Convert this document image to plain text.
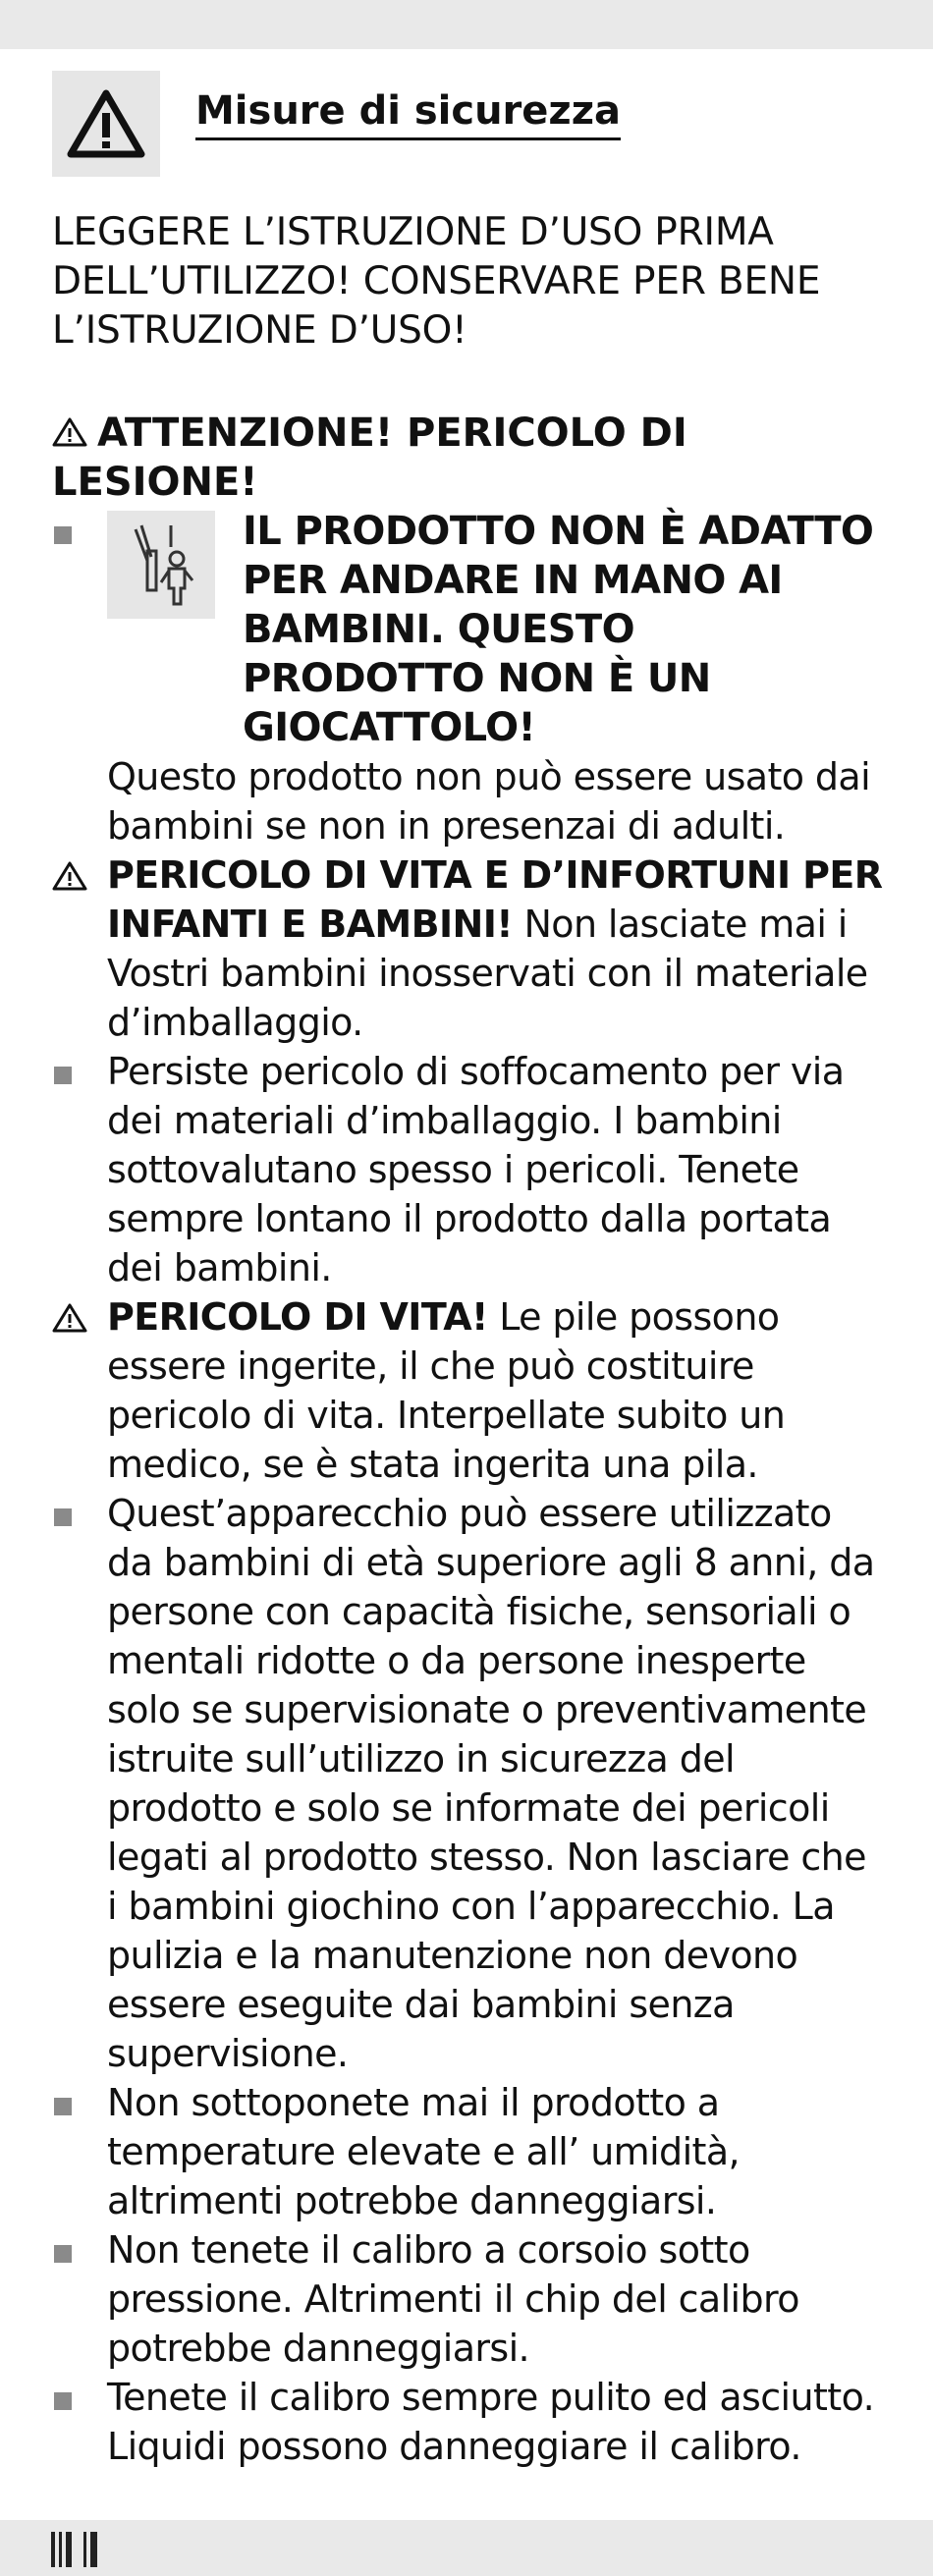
Misure di sicurezza
LEGGERE L’ISTRUZIONE D’USO PRIMA DELL’UTILIZZO! CONSERVARE PER BENE L’ISTRUZIONE D’USO!
ATTENZIONE! PERICOLO DI LESIONE!
IL PRODOTTO NON È ADATTO PER ANDARE IN MANO AI BAMBINI. QUESTO PRODOTTO NON È UN GIOCATTOLO!
Questo prodotto non può essere usato dai bambini se non in presenzai di adulti.
PERICOLO DI VITA E D’INFORTUNI PER INFANTI E BAMBINI! Non lasciate mai i Vostri bambini inosservati con il materiale d’imballaggio.
Persiste pericolo di soffocamento per via dei materiali d’imballaggio. I bambini sottovalutano spesso i pericoli. Tenete sempre lontano il prodotto dalla portata dei bambini.
PERICOLO DI VITA! Le pile possono essere ingerite, il che può costituire pericolo di vita. Interpellate subito un medico, se è stata ingerita una pila.
Quest’apparecchio può essere utilizzato da bambini di età superiore agli 8 anni, da persone con capacità fisiche, sensoriali o mentali ridotte o da persone inesperte solo se supervisionate o preventivamente istruite sull’utilizzo in sicurezza del prodotto e solo se informate dei pericoli legati al prodotto stesso. Non lasciare che i bambini giochino con l’apparecchio. La pulizia e la manutenzione non devono essere eseguite dai bambini senza supervisione.
Non sottoponete mai il prodotto a temperature elevate e all’ umidità, altrimenti potrebbe danneggiarsi.
Non tenete il calibro a corsoio sotto pressione. Altrimenti il chip del calibro potrebbe danneggiarsi.
Tenete il calibro sempre pulito ed asciutto. Liquidi possono danneggiare il calibro.
